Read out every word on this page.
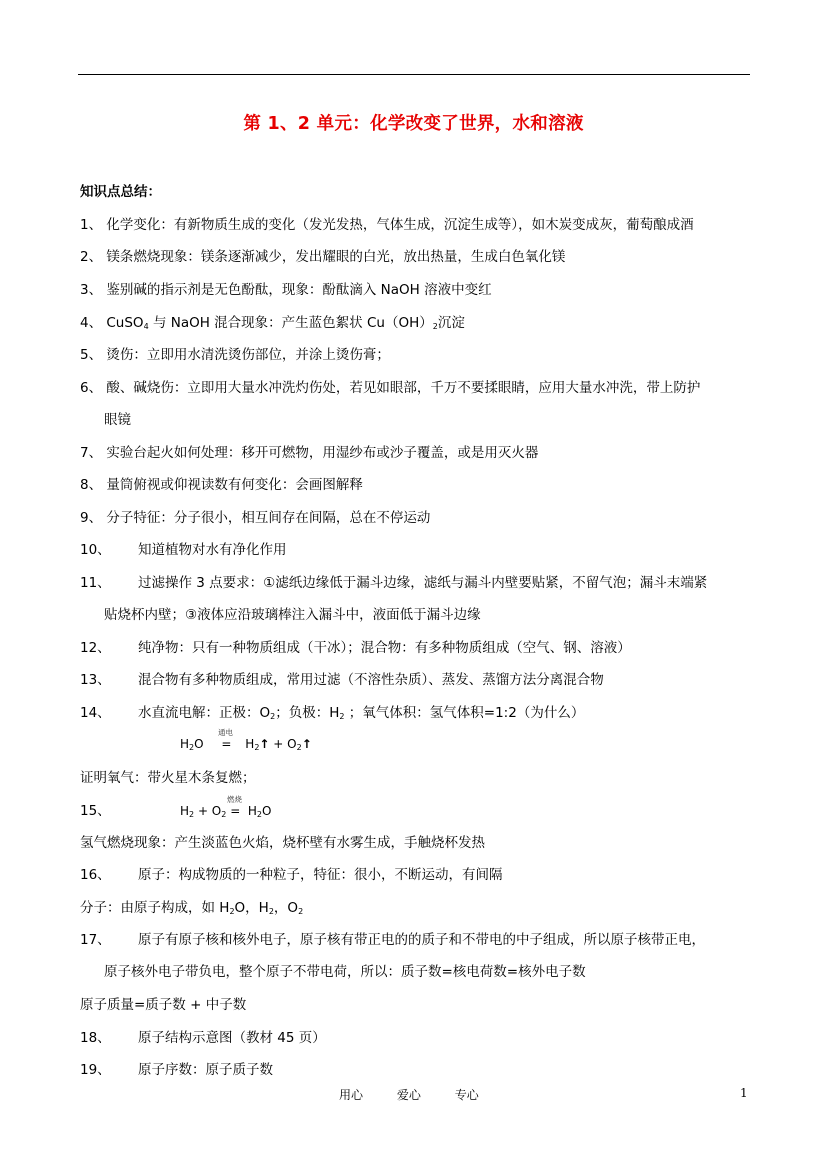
第 1、2 单元：化学改变了世界，水和溶液
知识点总结：
1、 化学变化：有新物质生成的变化（发光发热，气体生成，沉淀生成等），如木炭变成灰，葡萄酿成酒
2、 镁条燃烧现象：镁条逐渐减少，发出耀眼的白光，放出热量，生成白色氧化镁
3、 鉴别碱的指示剂是无色酚酞，现象：酚酞滴入 NaOH 溶液中变红
4、 CuSO$_4$ 与 NaOH 混合现象：产生蓝色絮状 $Cu(OH)_2$沉淀
5、 烫伤：立即用水清洗烫伤部位，并涂上烫伤膏；
6、 酸、碱烧伤：立即用大量水冲洗灼伤处，若见如眼部，千万不要揉眼睛，应用大量水冲洗，带上防护
眼镜
7、 实验台起火如何处理：移开可燃物，用湿纱布或沙子覆盖，或是用灭火器
8、 量筒俯视或仰视读数有何变化：会画图解释
9、 分子特征：分子很小，相互间存在间隔，总在不停运动
10、 知道植物对水有净化作用
11、 过滤操作 3 点要求：①滤纸边缘低于漏斗边缘，滤纸与漏斗内壁要贴紧，不留气泡；漏斗末端紧
贴烧杯内壁；③液体应沿玻璃棒注入漏斗中，液面低于漏斗边缘
12、 纯净物：只有一种物质组成（干冰）；混合物：有多种物质组成（空气、钢、溶液）
13、 混合物有多种物质组成，常用过滤（不溶性杂质）、蒸发、蒸馏方法分离混合物
14、 水直流电解：正极：$O_2$；负极：$H_2$ ；氧气体积：氢气体积=1:2（为什么）
通电
$H_2O$ = $H_2↑$ + $O_2↑$
证明氧气：带火星木条复燃；
15、	$H_2 + O_2 = H_2O$
燃烧
氢气燃烧现象：产生淡蓝色火焰，烧杯壁有水雾生成，手触烧杯发热
16、 原子：构成物质的一种粒子，特征：很小，不断运动，有间隔
分子：由原子构成，如 $H_2O$，$H_2$，$O_2$
17、 原子有原子核和核外电子，原子核有带正电的的质子和不带电的中子组成，所以原子核带正电，
原子核外电子带负电，整个原子不带电荷，所以：质子数=核电荷数=核外电子数
原子质量=质子数 + 中子数
18、 原子结构示意图（教材 45 页）
19、 原子序数：原子质子数
用心	爱心	专心	1
